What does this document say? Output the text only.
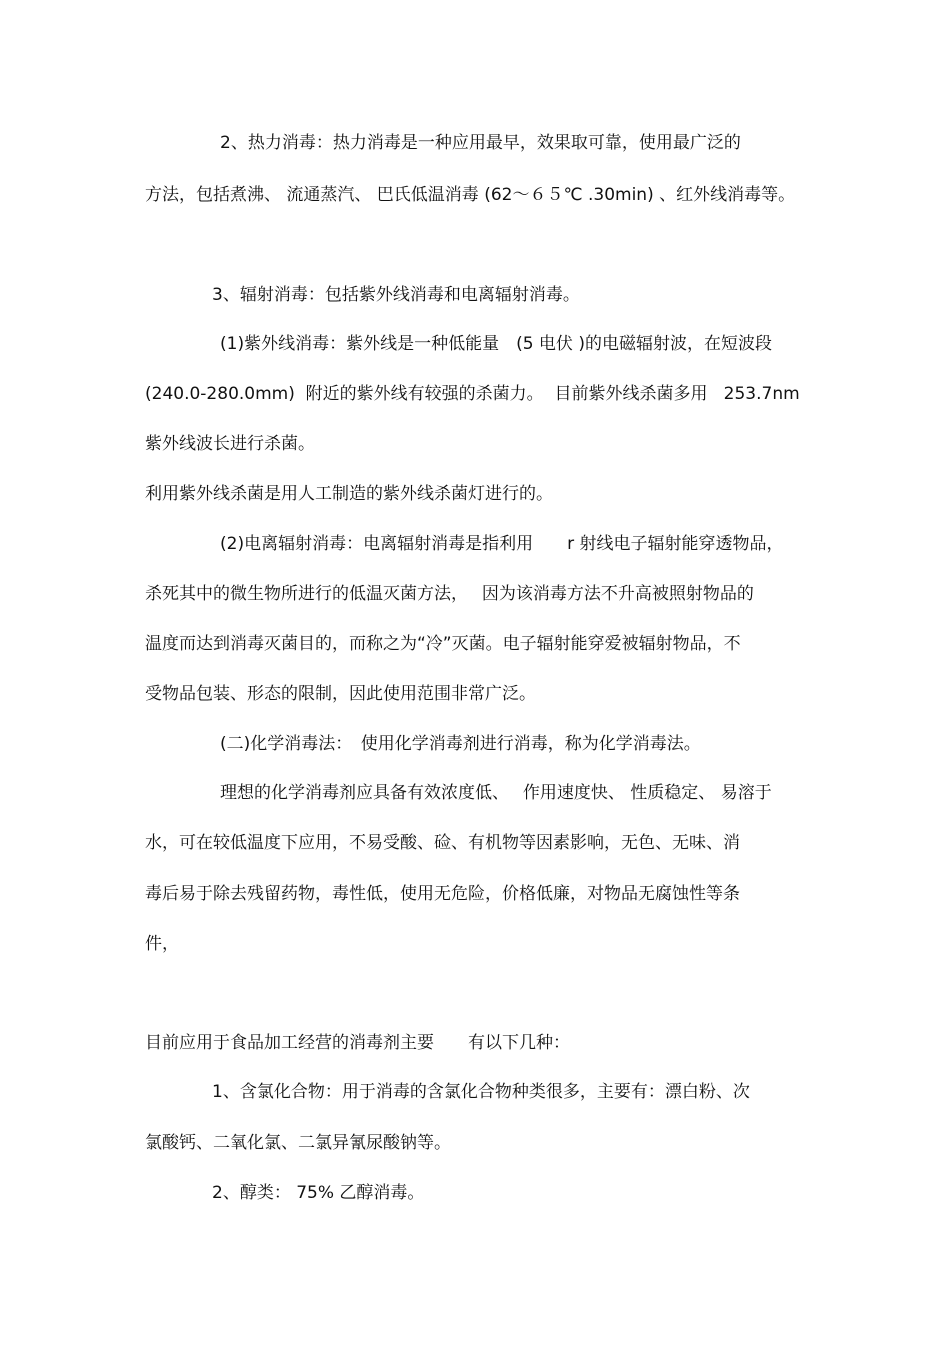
2、热力消毒：热力消毒是一种应用最早，效果取可靠，使用最广泛的
方法，包括煮沸、 流通蒸汽、 巴氏低温消毒 (62～６５℃ .30min) 、红外线消毒等。
3、辐射消毒：包括紫外线消毒和电离辐射消毒。
(1)紫外线消毒：紫外线是一种低能量　(5 电伏 )的电磁辐射波，在短波段
(240.0-280.0mm)  附近的紫外线有较强的杀菌力。  目前紫外线杀菌多用   253.7nm
紫外线波长进行杀菌。
利用紫外线杀菌是用人工制造的紫外线杀菌灯进行的。
(2)电离辐射消毒：电离辐射消毒是指利用　　r 射线电子辐射能穿透物品，
杀死其中的微生物所进行的低温灭菌方法，　 因为该消毒方法不升高被照射物品的
温度而达到消毒灭菌目的，而称之为“冷”灭菌。电子辐射能穿爱被辐射物品，不
受物品包装、形态的限制，因此使用范围非常广泛。
(二)化学消毒法：　使用化学消毒剂进行消毒，称为化学消毒法。
理想的化学消毒剂应具备有效浓度低、　 作用速度快、 性质稳定、 易溶于
水，可在较低温度下应用，不易受酸、硷、有机物等因素影响，无色、无味、消
毒后易于除去残留药物，毒性低，使用无危险，价格低廉，对物品无腐蚀性等条
件，
目前应用于食品加工经营的消毒剂主要　　有以下几种：
1、含氯化合物：用于消毒的含氯化合物种类很多，主要有：漂白粉、次
氯酸钙、二氧化氯、二氯异氰尿酸钠等。
2、醇类： 75% 乙醇消毒。
